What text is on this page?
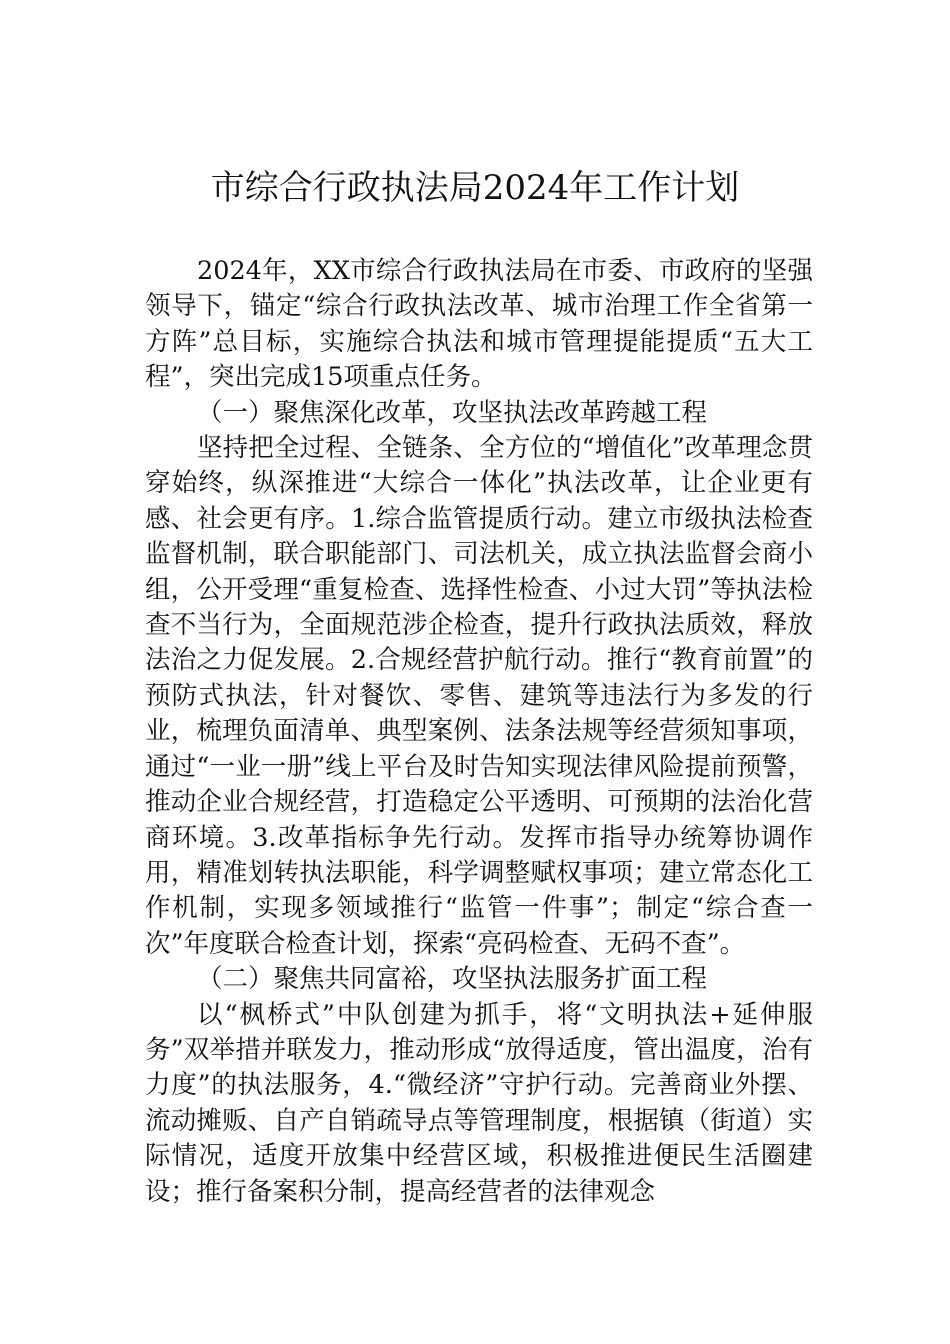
市综合行政执法局2024年工作计划

2024年，XX市综合行政执法局在市委、市政府的坚强领导下，锚定“综合行政执法改革、城市治理工作全省第一方阵”总目标，实施综合执法和城市管理提能提质“五大工程”，突出完成15项重点任务。

（一）聚焦深化改革，攻坚执法改革跨越工程

坚持把全过程、全链条、全方位的“增值化”改革理念贯穿始终，纵深推进“大综合一体化”执法改革，让企业更有感、社会更有序。1.综合监管提质行动。建立市级执法检查监督机制，联合职能部门、司法机关，成立执法监督会商小组，公开受理“重复检查、选择性检查、小过大罚”等执法检查不当行为，全面规范涉企检查，提升行政执法质效，释放法治之力促发展。2.合规经营护航行动。推行“教育前置”的预防式执法，针对餐饮、零售、建筑等违法行为多发的行业，梳理负面清单、典型案例、法条法规等经营须知事项，通过“一业一册”线上平台及时告知实现法律风险提前预警，推动企业合规经营，打造稳定公平透明、可预期的法治化营商环境。3.改革指标争先行动。发挥市指导办统筹协调作用，精准划转执法职能，科学调整赋权事项；建立常态化工作机制，实现多领域推行“监管一件事”；制定“综合查一次”年度联合检查计划，探索“亮码检查、无码不查”。

（二）聚焦共同富裕，攻坚执法服务扩面工程

以“枫桥式”中队创建为抓手，将“文明执法+延伸服务”双举措并联发力，推动形成“放得适度，管出温度，治有力度”的执法服务，4.“微经济”守护行动。完善商业外摆、流动摊贩、自产自销疏导点等管理制度，根据镇（街道）实际情况，适度开放集中经营区域，积极推进便民生活圈建设；推行备案积分制，提高经营者的法律观念
